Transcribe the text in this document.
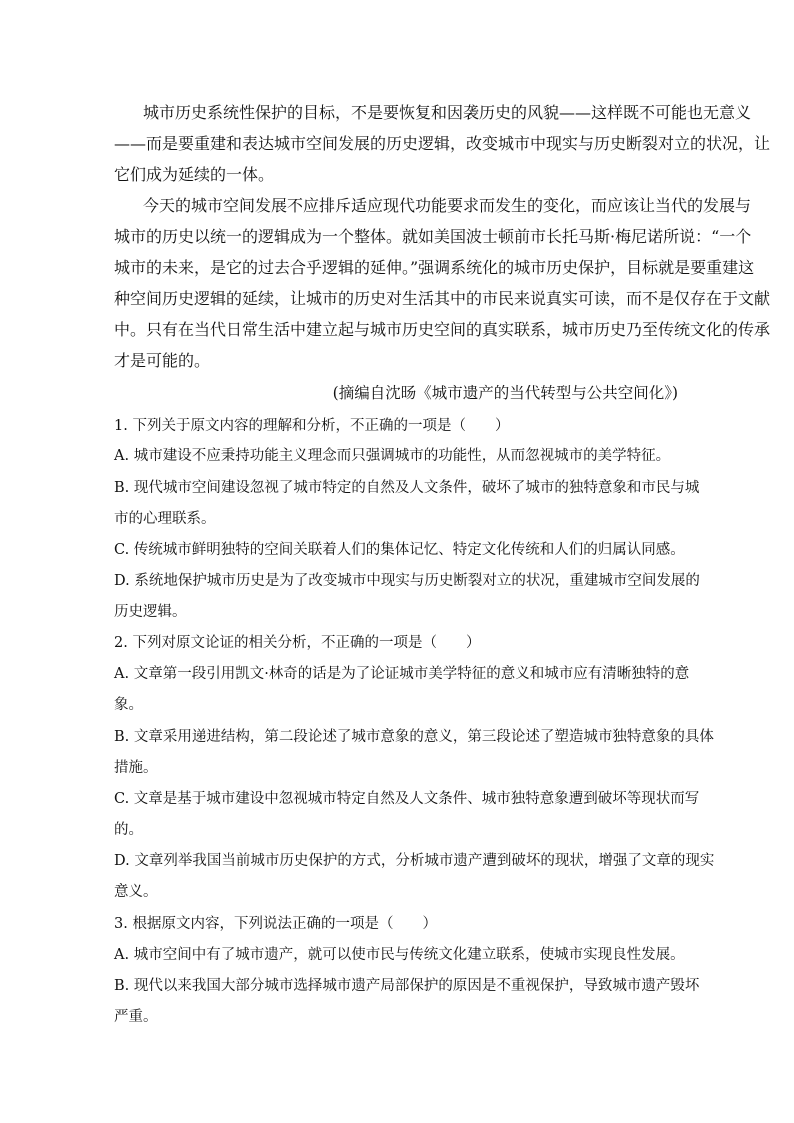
城市历史系统性保护的目标，不是要恢复和因袭历史的风貌——这样既不可能也无意义

——而是要重建和表达城市空间发展的历史逻辑，改变城市中现实与历史断裂对立的状况，让

它们成为延续的一体。

今天的城市空间发展不应排斥适应现代功能要求而发生的变化，而应该让当代的发展与

城市的历史以统一的逻辑成为一个整体。就如美国波士顿前市长托马斯·梅尼诺所说：“一个

城市的未来，是它的过去合乎逻辑的延伸。”强调系统化的城市历史保护，目标就是要重建这

种空间历史逻辑的延续，让城市的历史对生活其中的市民来说真实可读，而不是仅存在于文献

中。只有在当代日常生活中建立起与城市历史空间的真实联系，城市历史乃至传统文化的传承

才是可能的。

(摘编自沈旸《城市遗产的当代转型与公共空间化》)

1. 下列关于原文内容的理解和分析，不正确的一项是（　　）

A. 城市建设不应秉持功能主义理念而只强调城市的功能性，从而忽视城市的美学特征。

B. 现代城市空间建设忽视了城市特定的自然及人文条件，破坏了城市的独特意象和市民与城

市的心理联系。

C. 传统城市鲜明独特的空间关联着人们的集体记忆、特定文化传统和人们的归属认同感。

D. 系统地保护城市历史是为了改变城市中现实与历史断裂对立的状况，重建城市空间发展的

历史逻辑。

2. 下列对原文论证的相关分析，不正确的一项是（　　）

A. 文章第一段引用凯文·林奇的话是为了论证城市美学特征的意义和城市应有清晰独特的意

象。

B. 文章采用递进结构，第二段论述了城市意象的意义，第三段论述了塑造城市独特意象的具体

措施。

C. 文章是基于城市建设中忽视城市特定自然及人文条件、城市独特意象遭到破坏等现状而写

的。

D. 文章列举我国当前城市历史保护的方式，分析城市遗产遭到破坏的现状，增强了文章的现实

意义。

3. 根据原文内容，下列说法正确的一项是（　　）

A. 城市空间中有了城市遗产，就可以使市民与传统文化建立联系，使城市实现良性发展。

B. 现代以来我国大部分城市选择城市遗产局部保护的原因是不重视保护，导致城市遗产毁坏

严重。
